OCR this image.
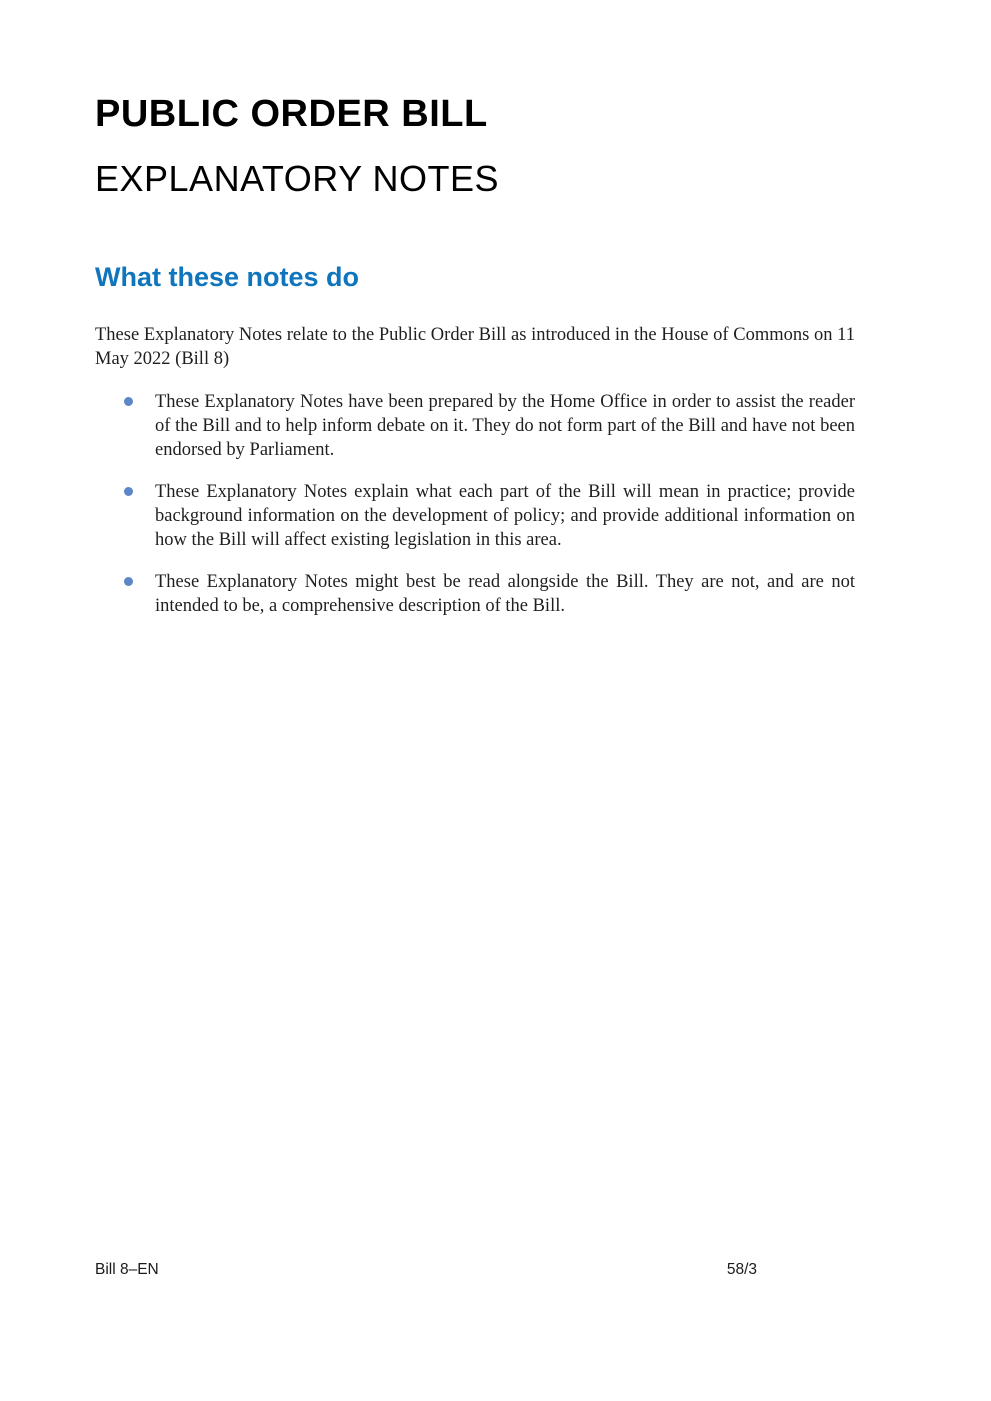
PUBLIC ORDER BILL
EXPLANATORY NOTES
What these notes do

These Explanatory Notes relate to the Public Order Bill as introduced in the House of Commons on 11 May 2022 (Bill 8)

These Explanatory Notes have been prepared by the Home Office in order to assist the reader of the Bill and to help inform debate on it. They do not form part of the Bill and have not been endorsed by Parliament.
These Explanatory Notes explain what each part of the Bill will mean in practice; provide background information on the development of policy; and provide additional information on how the Bill will affect existing legislation in this area.
These Explanatory Notes might best be read alongside the Bill. They are not, and are not intended to be, a comprehensive description of the Bill.
Bill 8–EN	58/3
